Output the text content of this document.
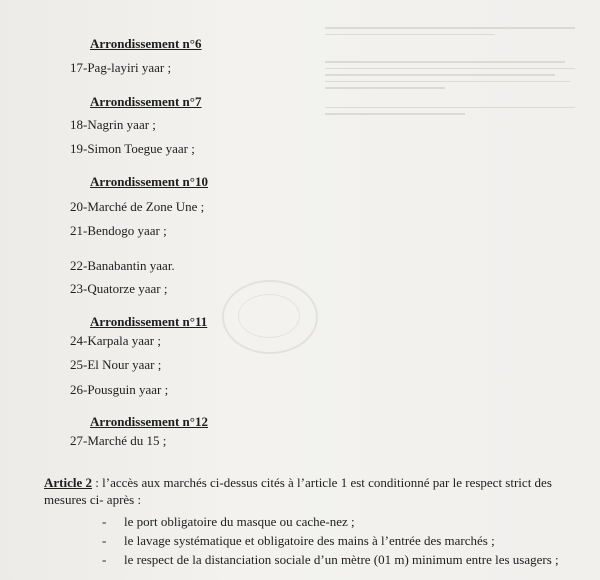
Arrondissement n°6
17-Pag-layiri yaar ;
Arrondissement n°7
18-Nagrin yaar ;
19-Simon Toegue yaar ;
Arrondissement n°10
20-Marché de Zone Une ;
21-Bendogo yaar ;
22-Banabantin yaar.
23-Quatorze yaar ;
Arrondissement n°11
24-Karpala yaar ;
25-El Nour yaar ;
26-Pousguin yaar ;
Arrondissement n°12
27-Marché du 15 ;
Article 2 : l’accès aux marchés ci-dessus cités à l’article 1 est conditionné par le respect strict des mesures ci- après :
-	le port obligatoire du masque ou cache-nez ;
-	le lavage systématique et obligatoire des mains à l’entrée des marchés ;
-	le respect de la distanciation sociale d’un mètre (01 m) minimum entre les usagers ;
